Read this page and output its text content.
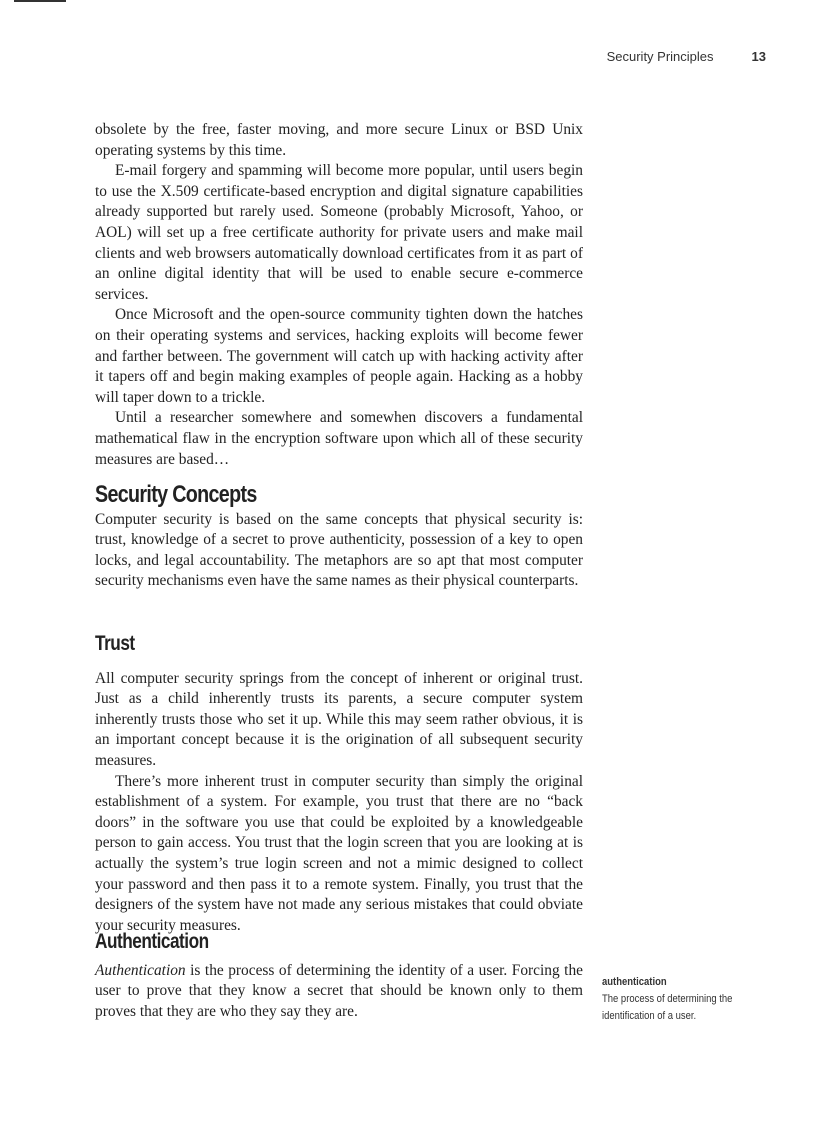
Security Principles	13

obsolete by the free, faster moving, and more secure Linux or BSD Unix operating systems by this time.

E-mail forgery and spamming will become more popular, until users begin to use the X.509 certificate-based encryption and digital signature capabilities already supported but rarely used. Someone (probably Microsoft, Yahoo, or AOL) will set up a free certificate authority for private users and make mail clients and web browsers automatically download certificates from it as part of an online digital identity that will be used to enable secure e-commerce services.

Once Microsoft and the open-source community tighten down the hatches on their operating systems and services, hacking exploits will become fewer and farther between. The government will catch up with hacking activity after it tapers off and begin making examples of people again. Hacking as a hobby will taper down to a trickle.

Until a researcher somewhere and somewhen discovers a fundamental mathematical flaw in the encryption software upon which all of these security measures are based…

Security Concepts

Computer security is based on the same concepts that physical security is: trust, knowledge of a secret to prove authenticity, possession of a key to open locks, and legal accountability. The metaphors are so apt that most computer security mechanisms even have the same names as their physical counterparts.

Trust

All computer security springs from the concept of inherent or original trust. Just as a child inherently trusts its parents, a secure computer system inherently trusts those who set it up. While this may seem rather obvious, it is an important concept because it is the origination of all subsequent security measures.

There’s more inherent trust in computer security than simply the original establishment of a system. For example, you trust that there are no “back doors” in the software you use that could be exploited by a knowledgeable person to gain access. You trust that the login screen that you are looking at is actually the system’s true login screen and not a mimic designed to collect your password and then pass it to a remote system. Finally, you trust that the designers of the system have not made any serious mistakes that could obviate your security measures.

Authentication

Authentication is the process of determining the identity of a user. Forcing the user to prove that they know a secret that should be known only to them proves that they are who they say they are.

authentication
The process of determining the
identification of a user.
